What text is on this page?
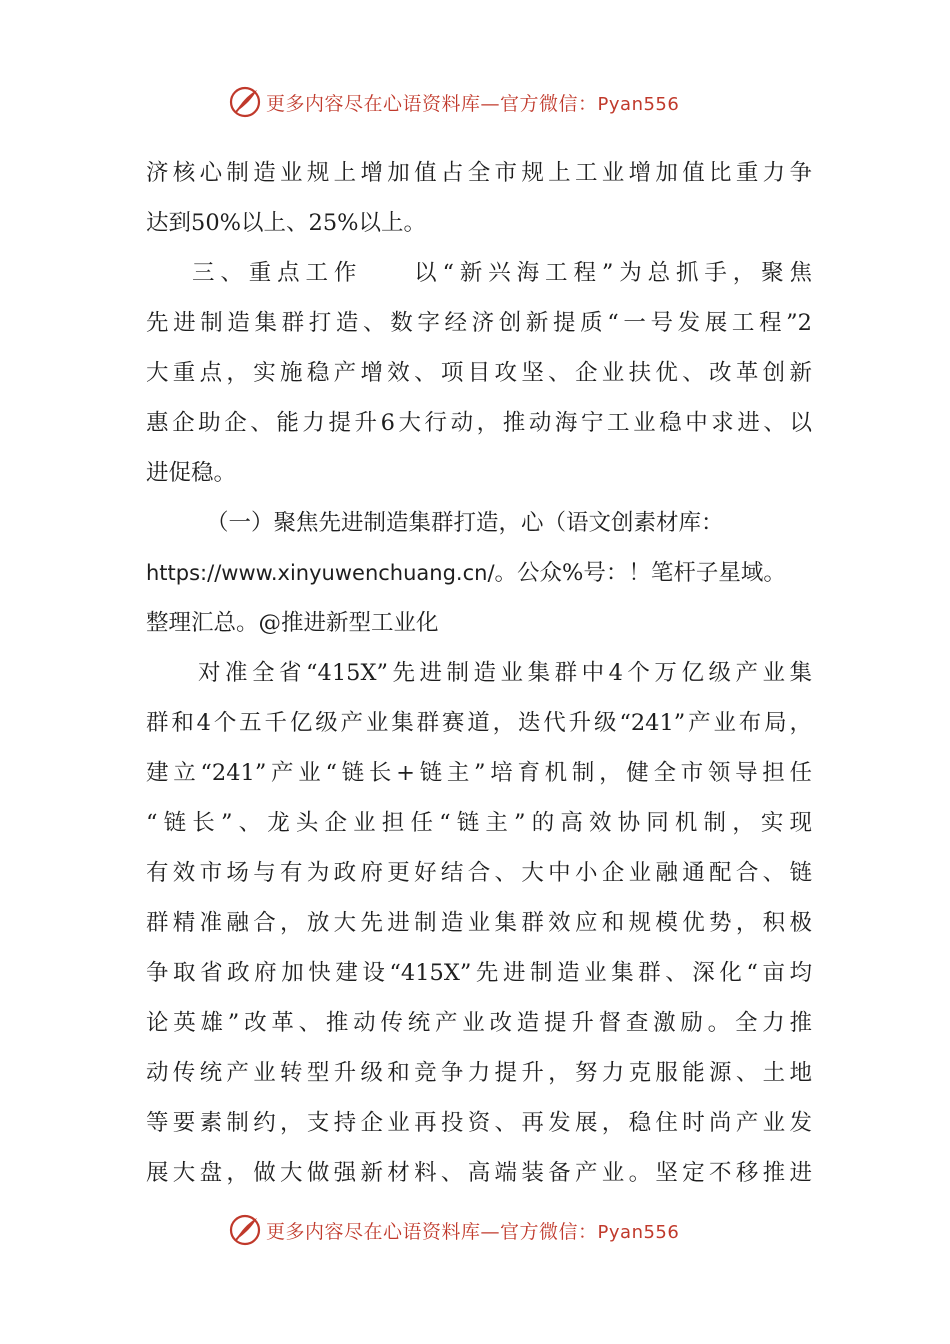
更多内容尽在心语资料库—官方微信：Pyan556
济核心制造业规上增加值占全市规上工业增加值比重力争
达到50%以上、25%以上。
三、重点工作 以“新兴海工程”为总抓手，聚焦
先进制造集群打造、数字经济创新提质“一号发展工程”2
大重点，实施稳产增效、项目攻坚、企业扶优、改革创新
惠企助企、能力提升6大行动，推动海宁工业稳中求进、以
进促稳。
（一）聚焦先进制造集群打造，心（语文创素材库：
https://www.xinyuwenchuang.cn/。公众%号：！笔杆子星域。
整理汇总。@推进新型工业化
对准全省“415X”先进制造业集群中4个万亿级产业集
群和4个五千亿级产业集群赛道，迭代升级“241”产业布局，
建立“241”产业“链长+链主”培育机制，健全市领导担任
“链长”、龙头企业担任“链主”的高效协同机制，实现
有效市场与有为政府更好结合、大中小企业融通配合、链
群精准融合，放大先进制造业集群效应和规模优势，积极
争取省政府加快建设“415X”先进制造业集群、深化“亩均
论英雄”改革、推动传统产业改造提升督查激励。全力推
动传统产业转型升级和竞争力提升，努力克服能源、土地
等要素制约，支持企业再投资、再发展，稳住时尚产业发
展大盘，做大做强新材料、高端装备产业。坚定不移推进
更多内容尽在心语资料库—官方微信：Pyan556
